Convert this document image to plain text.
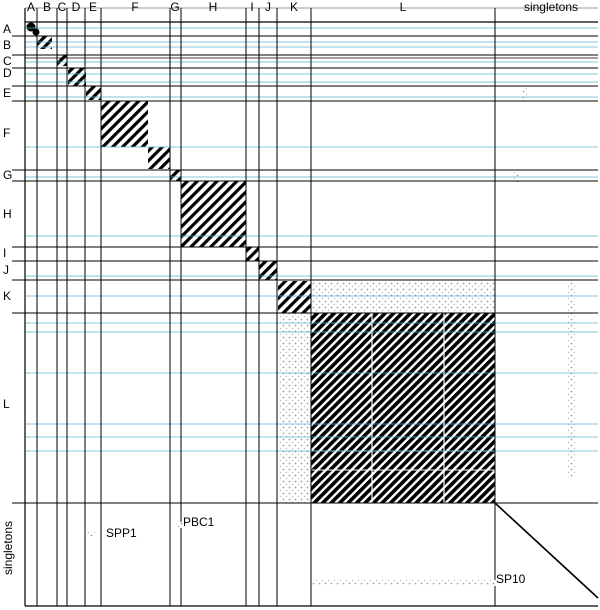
A
A
B
B
C
C
D
D
E
E
F
F
G
G
H
H
I
I
J
J
K
K
L
L
singletons
singletons	SPP1
PBC1
SP10
